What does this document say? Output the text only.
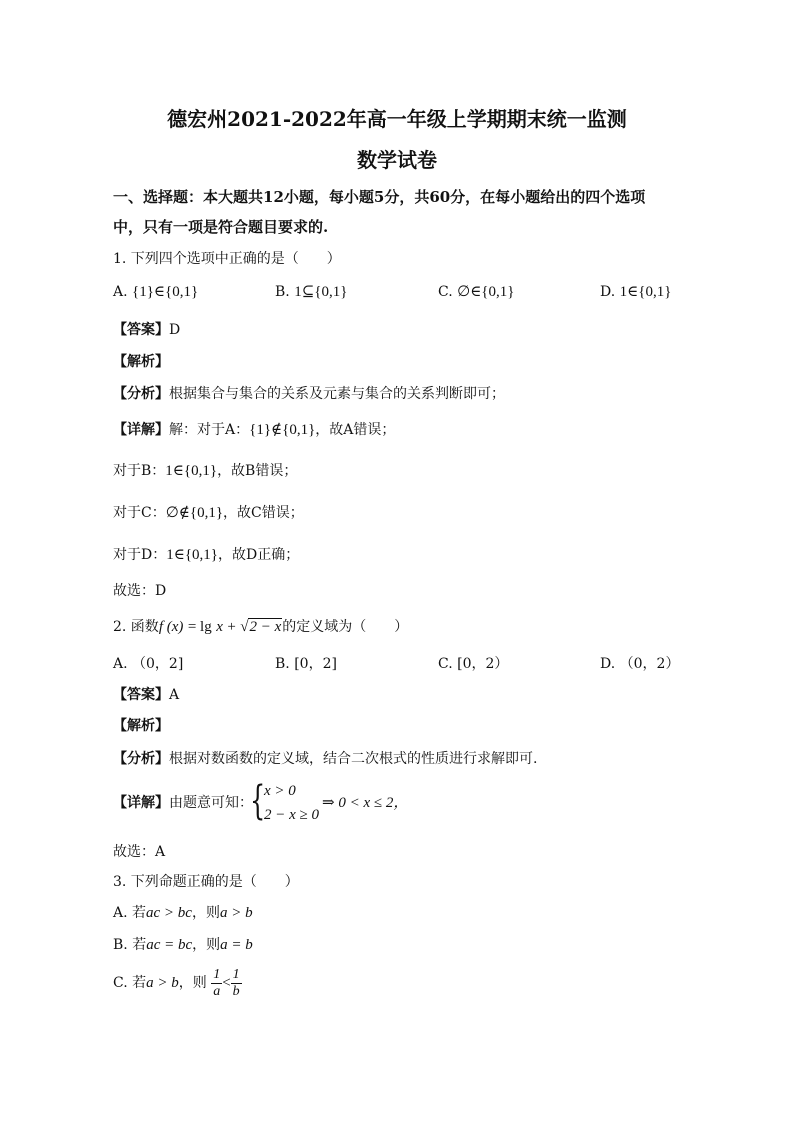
德宏州2021-2022年高一年级上学期期末统一监测
数学试卷
一、选择题：本大题共12小题，每小题5分，共60分，在每小题给出的四个选项
中，只有一项是符合题目要求的.
1. 下列四个选项中正确的是（　　）
A. {1}∈{0,1}	B. 1⊆{0,1}	C. ∅∈{0,1}	D. 1∈{0,1}
【答案】D
【解析】
【分析】根据集合与集合的关系及元素与集合的关系判断即可；
【详解】解：对于A：{1}∉{0,1}，故A错误；
对于B：1∈{0,1}，故B错误；
对于C：∅∉{0,1}，故C错误；
对于D：1∈{0,1}，故D正确；
故选：D
2. 函数f (x) = lg x + √2 − x的定义域为（　　）
A. （0，2]	B. [0，2]	C. [0，2）	D. （0，2）
【答案】A
【解析】
【分析】根据对数函数的定义域，结合二次根式的性质进行求解即可.
【详解】由题意可知：
{
x > 0
2 − x ≥ 0
⇒ 0 < x ≤ 2，
故选：A
3. 下列命题正确的是（　　）
A. 若ac > bc，则a > b
B. 若ac = bc，则a = b
C. 若a > b，则 $\frac{1}{a} < \frac{1}{b}$
